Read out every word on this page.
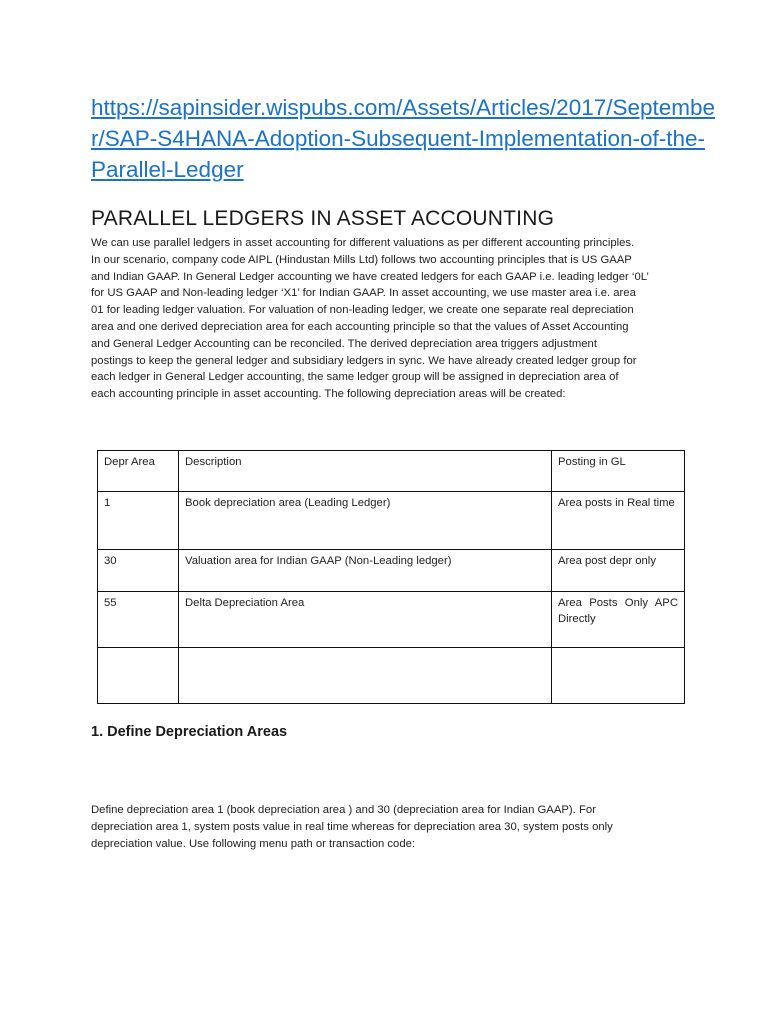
https://sapinsider.wispubs.com/Assets/Articles/2017/Septembe
r/SAP-S4HANA-Adoption-Subsequent-Implementation-of-the-
Parallel-Ledger
PARALLEL LEDGERS IN ASSET ACCOUNTING
We can use parallel ledgers in asset accounting for different valuations as per different accounting principles.
In our scenario, company code AIPL (Hindustan Mills Ltd) follows two accounting principles that is US GAAP
and Indian GAAP. In General Ledger accounting we have created ledgers for each GAAP i.e. leading ledger ‘0L’
for US GAAP and Non-leading ledger ‘X1’ for Indian GAAP. In asset accounting, we use master area i.e. area
01 for leading ledger valuation. For valuation of non-leading ledger, we create one separate real depreciation
area and one derived depreciation area for each accounting principle so that the values of Asset Accounting
and General Ledger Accounting can be reconciled. The derived depreciation area triggers adjustment
postings to keep the general ledger and subsidiary ledgers in sync. We have already created ledger group for
each ledger in General Ledger accounting, the same ledger group will be assigned in depreciation area of
each accounting principle in asset accounting. The following depreciation areas will be created:
Depr Area	Description	Posting in GL
1	Book depreciation area (Leading Ledger)	Area posts in Real time
30	Valuation area for Indian GAAP (Non-Leading ledger)	Area post depr only
55	Delta Depreciation Area	Area Posts Only APC Directly

1. Define Depreciation Areas
Define depreciation area 1 (book depreciation area ) and 30 (depreciation area for Indian GAAP). For
depreciation area 1, system posts value in real time whereas for depreciation area 30, system posts only
depreciation value. Use following menu path or transaction code:
